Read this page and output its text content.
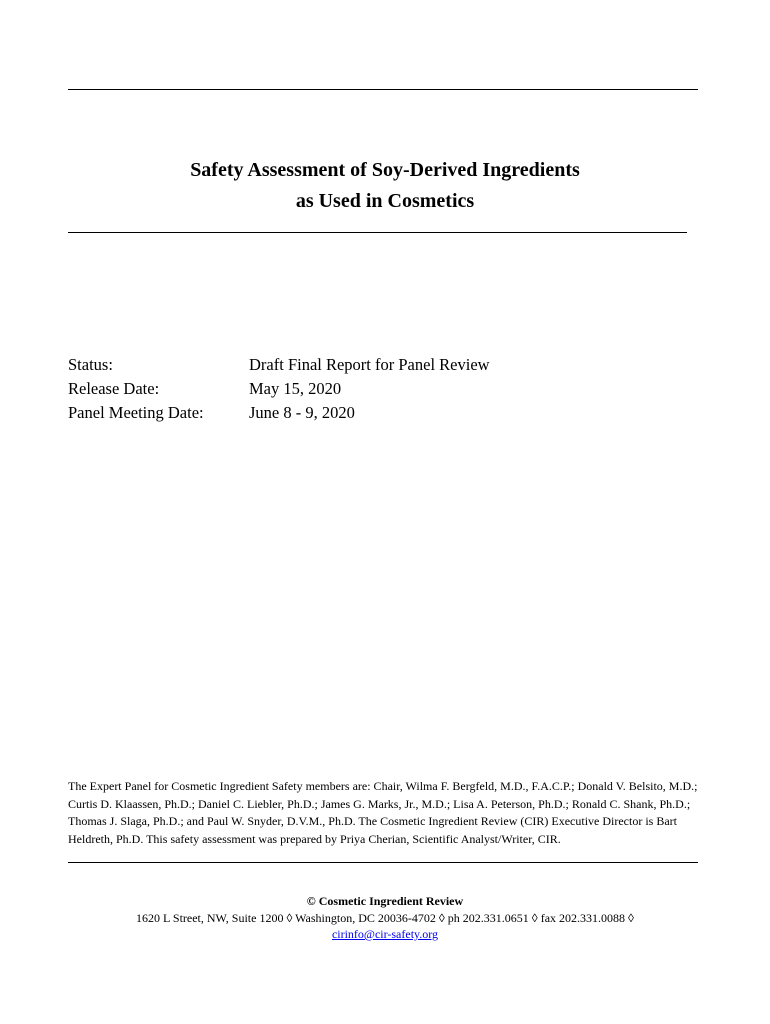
Safety Assessment of Soy-Derived Ingredients
as Used in Cosmetics
Status:	Draft Final Report for Panel Review
Release Date:	May 15, 2020
Panel Meeting Date:	June 8 - 9, 2020

The Expert Panel for Cosmetic Ingredient Safety members are: Chair, Wilma F. Bergfeld, M.D., F.A.C.P.; Donald V. Belsito, M.D.; Curtis D. Klaassen, Ph.D.; Daniel C. Liebler, Ph.D.; James G. Marks, Jr., M.D.; Lisa A. Peterson, Ph.D.; Ronald C. Shank, Ph.D.; Thomas J. Slaga, Ph.D.; and Paul W. Snyder, D.V.M., Ph.D. The Cosmetic Ingredient Review (CIR) Executive Director is Bart Heldreth, Ph.D. This safety assessment was prepared by Priya Cherian, Scientific Analyst/Writer, CIR.

© Cosmetic Ingredient Review
1620 L Street, NW, Suite 1200 ◊ Washington, DC 20036-4702 ◊ ph 202.331.0651 ◊ fax 202.331.0088 ◊
cirinfo@cir-safety.org
